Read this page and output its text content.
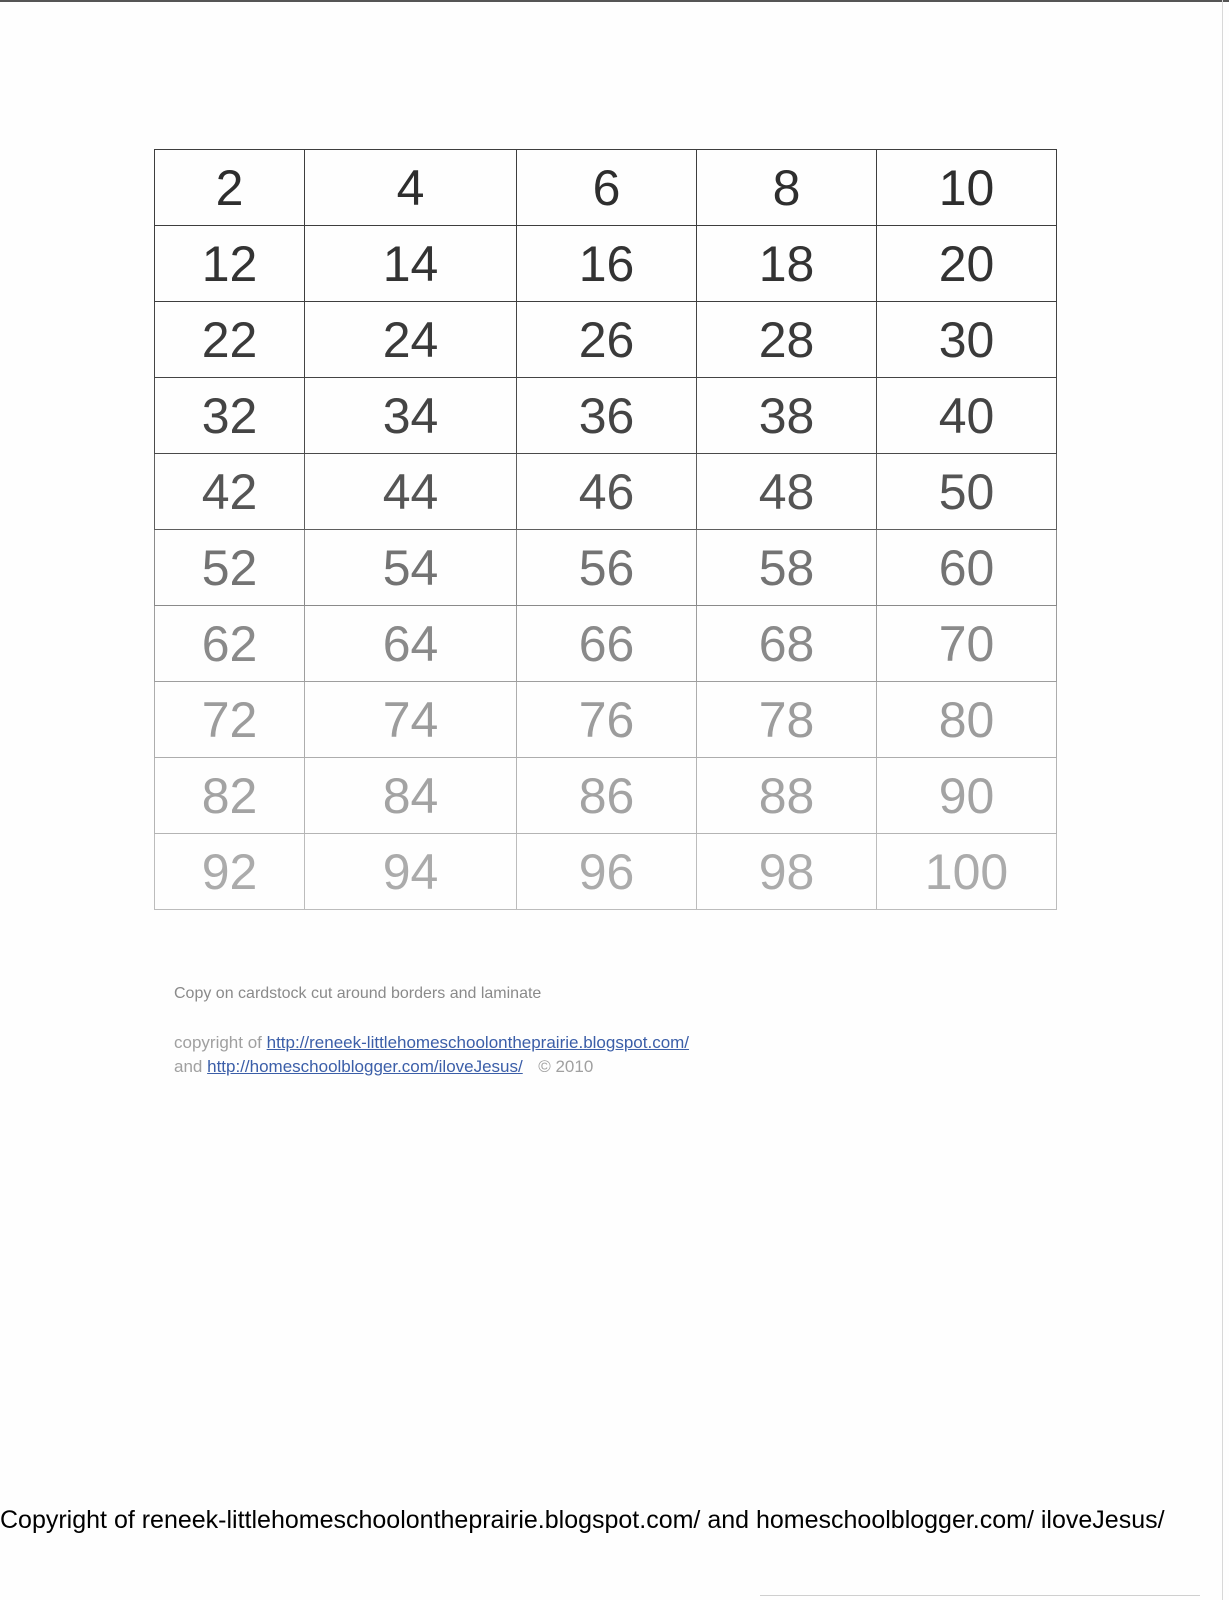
2	4	6	8	10
12	14	16	18	20
22	24	26	28	30
32	34	36	38	40
42	44	46	48	50
52	54	56	58	60
62	64	66	68	70
72	74	76	78	80
82	84	86	88	90
92	94	96	98	100
Copy on cardstock cut around borders and laminate
copyright of http://reneek-littlehomeschoolontheprairie.blogspot.com/
and http://homeschoolblogger.com/iloveJesus/ © 2010
Copyright of reneek-littlehomeschoolontheprairie.blogspot.com/ and homeschoolblogger.com/ iloveJesus/
